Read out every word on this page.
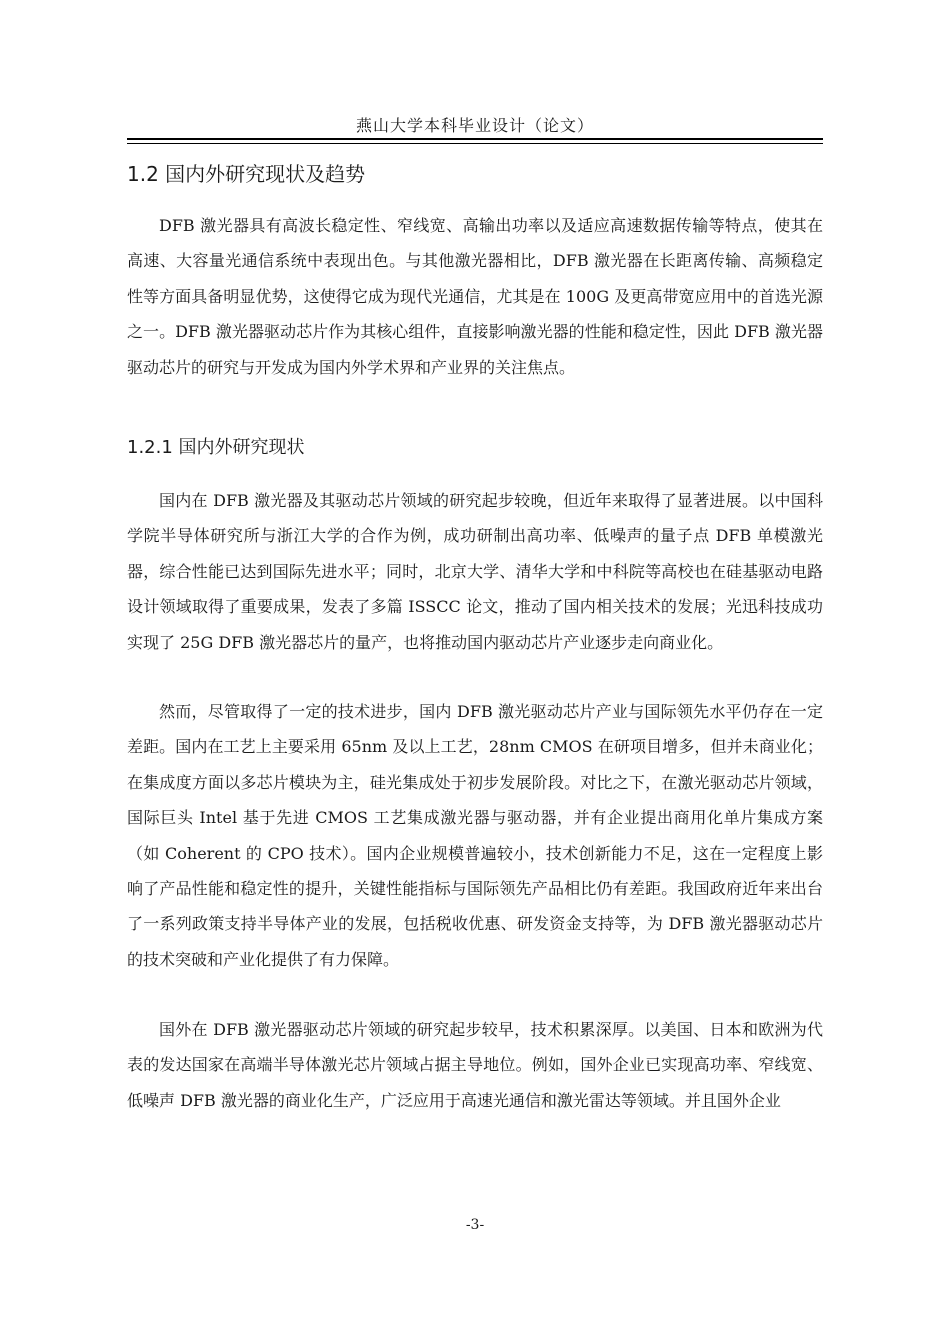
燕山大学本科毕业设计（论文）
1.2 国内外研究现状及趋势

DFB 激光器具有高波长稳定性、窄线宽、高输出功率以及适应高速数据传输等特点，使其在高速、大容量光通信系统中表现出色。与其他激光器相比，DFB 激光器在长距离传输、高频稳定性等方面具备明显优势，这使得它成为现代光通信，尤其是在 100G 及更高带宽应用中的首选光源之一。DFB 激光器驱动芯片作为其核心组件，直接影响激光器的性能和稳定性，因此 DFB 激光器驱动芯片的研究与开发成为国内外学术界和产业界的关注焦点。

1.2.1 国内外研究现状

国内在 DFB 激光器及其驱动芯片领域的研究起步较晚，但近年来取得了显著进展。以中国科学院半导体研究所与浙江大学的合作为例，成功研制出高功率、低噪声的量子点 DFB 单模激光器，综合性能已达到国际先进水平；同时，北京大学、清华大学和中科院等高校也在硅基驱动电路设计领域取得了重要成果，发表了多篇 ISSCC 论文，推动了国内相关技术的发展；光迅科技成功实现了 25G DFB 激光器芯片的量产，也将推动国内驱动芯片产业逐步走向商业化。

然而，尽管取得了一定的技术进步，国内 DFB 激光驱动芯片产业与国际领先水平仍存在一定差距。国内在工艺上主要采用 65nm 及以上工艺，28nm CMOS 在研项目增多，但并未商业化；在集成度方面以多芯片模块为主，硅光集成处于初步发展阶段。对比之下，在激光驱动芯片领域，国际巨头 Intel 基于先进 CMOS 工艺集成激光器与驱动器，并有企业提出商用化单片集成方案（如 Coherent 的 CPO 技术）。国内企业规模普遍较小，技术创新能力不足，这在一定程度上影响了产品性能和稳定性的提升，关键性能指标与国际领先产品相比仍有差距。我国政府近年来出台了一系列政策支持半导体产业的发展，包括税收优惠、研发资金支持等，为 DFB 激光器驱动芯片的技术突破和产业化提供了有力保障。

国外在 DFB 激光器驱动芯片领域的研究起步较早，技术积累深厚。以美国、日本和欧洲为代表的发达国家在高端半导体激光芯片领域占据主导地位。例如，国外企业已实现高功率、窄线宽、低噪声 DFB 激光器的商业化生产，广泛应用于高速光通信和激光雷达等领域。并且国外企业

-3-
